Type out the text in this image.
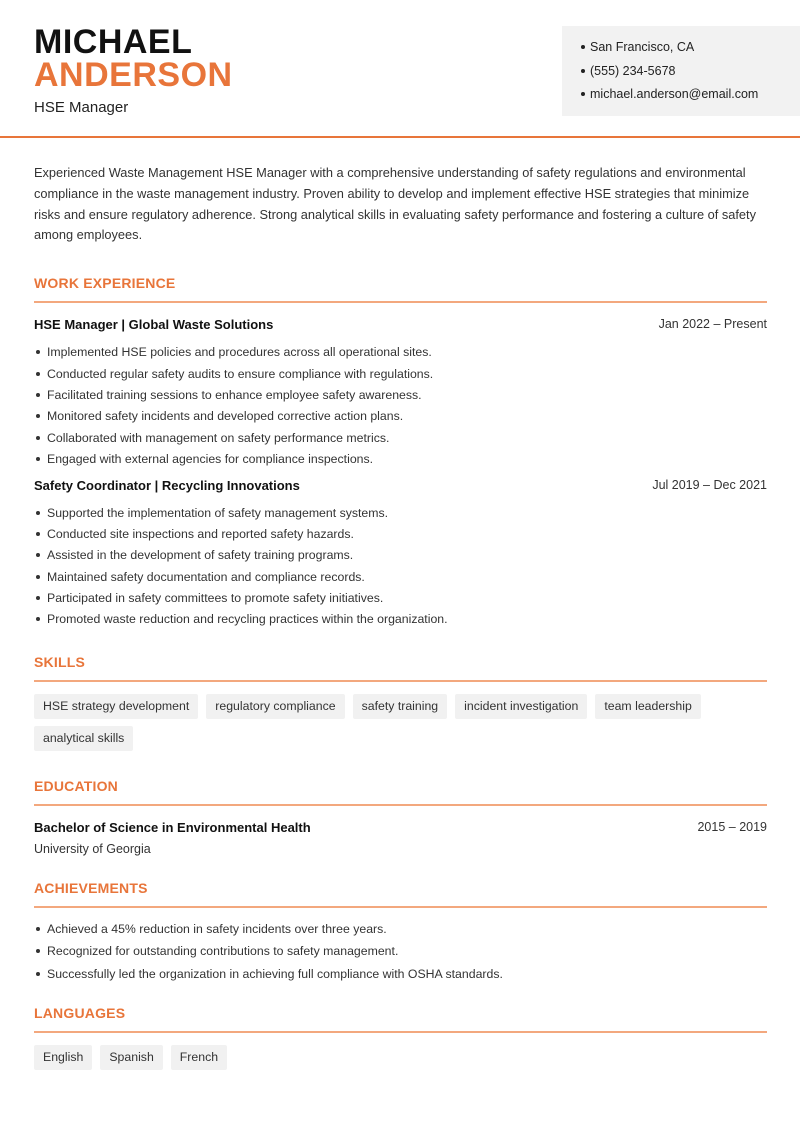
MICHAEL
ANDERSON
HSE Manager
San Francisco, CA
(555) 234-5678
michael.anderson@email.com

Experienced Waste Management HSE Manager with a comprehensive understanding of safety regulations and environmental compliance in the waste management industry. Proven ability to develop and implement effective HSE strategies that minimize risks and ensure regulatory adherence. Strong analytical skills in evaluating safety performance and fostering a culture of safety among employees.

WORK EXPERIENCE
HSE Manager | Global Waste Solutions	Jan 2022 – Present
Implemented HSE policies and procedures across all operational sites.
Conducted regular safety audits to ensure compliance with regulations.
Facilitated training sessions to enhance employee safety awareness.
Monitored safety incidents and developed corrective action plans.
Collaborated with management on safety performance metrics.
Engaged with external agencies for compliance inspections.
Safety Coordinator | Recycling Innovations	Jul 2019 – Dec 2021
Supported the implementation of safety management systems.
Conducted site inspections and reported safety hazards.
Assisted in the development of safety training programs.
Maintained safety documentation and compliance records.
Participated in safety committees to promote safety initiatives.
Promoted waste reduction and recycling practices within the organization.
SKILLS
HSE strategy development	regulatory compliance	safety training	incident investigation	team leadership
analytical skills
EDUCATION
Bachelor of Science in Environmental Health	2015 – 2019
University of Georgia
ACHIEVEMENTS
Achieved a 45% reduction in safety incidents over three years.
Recognized for outstanding contributions to safety management.
Successfully led the organization in achieving full compliance with OSHA standards.
LANGUAGES
English	Spanish	French
